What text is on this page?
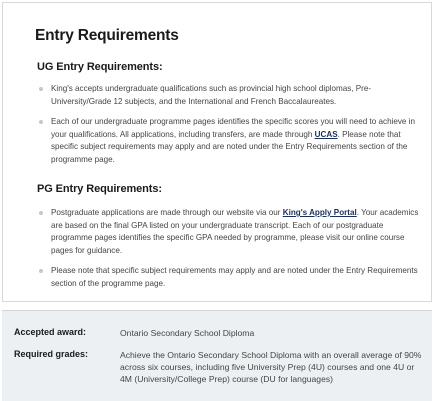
Entry Requirements
UG Entry Requirements:
King's accepts undergraduate qualifications such as provincial high school diplomas, Pre-University/Grade 12 subjects, and the International and French Baccalaureates.
Each of our undergraduate programme pages identifies the specific scores you will need to achieve in your qualifications. All applications, including transfers, are made through UCAS. Please note that specific subject requirements may apply and are noted under the Entry Requirements section of the programme page.
PG Entry Requirements:
Postgraduate applications are made through our website via our King's Apply Portal. Your academics are based on the final GPA listed on your undergraduate transcript. Each of our postgraduate programme pages identifies the specific GPA needed by programme, please visit our online course pages for guidance.
Please note that specific subject requirements may apply and are noted under the Entry Requirements section of the programme page.
Accepted award:	Ontario Secondary School Diploma
Required grades:	Achieve the Ontario Secondary School Diploma with an overall average of 90% across six courses, including five University Prep (4U) courses and one 4U or 4M (University/College Prep) course (DU for languages)
